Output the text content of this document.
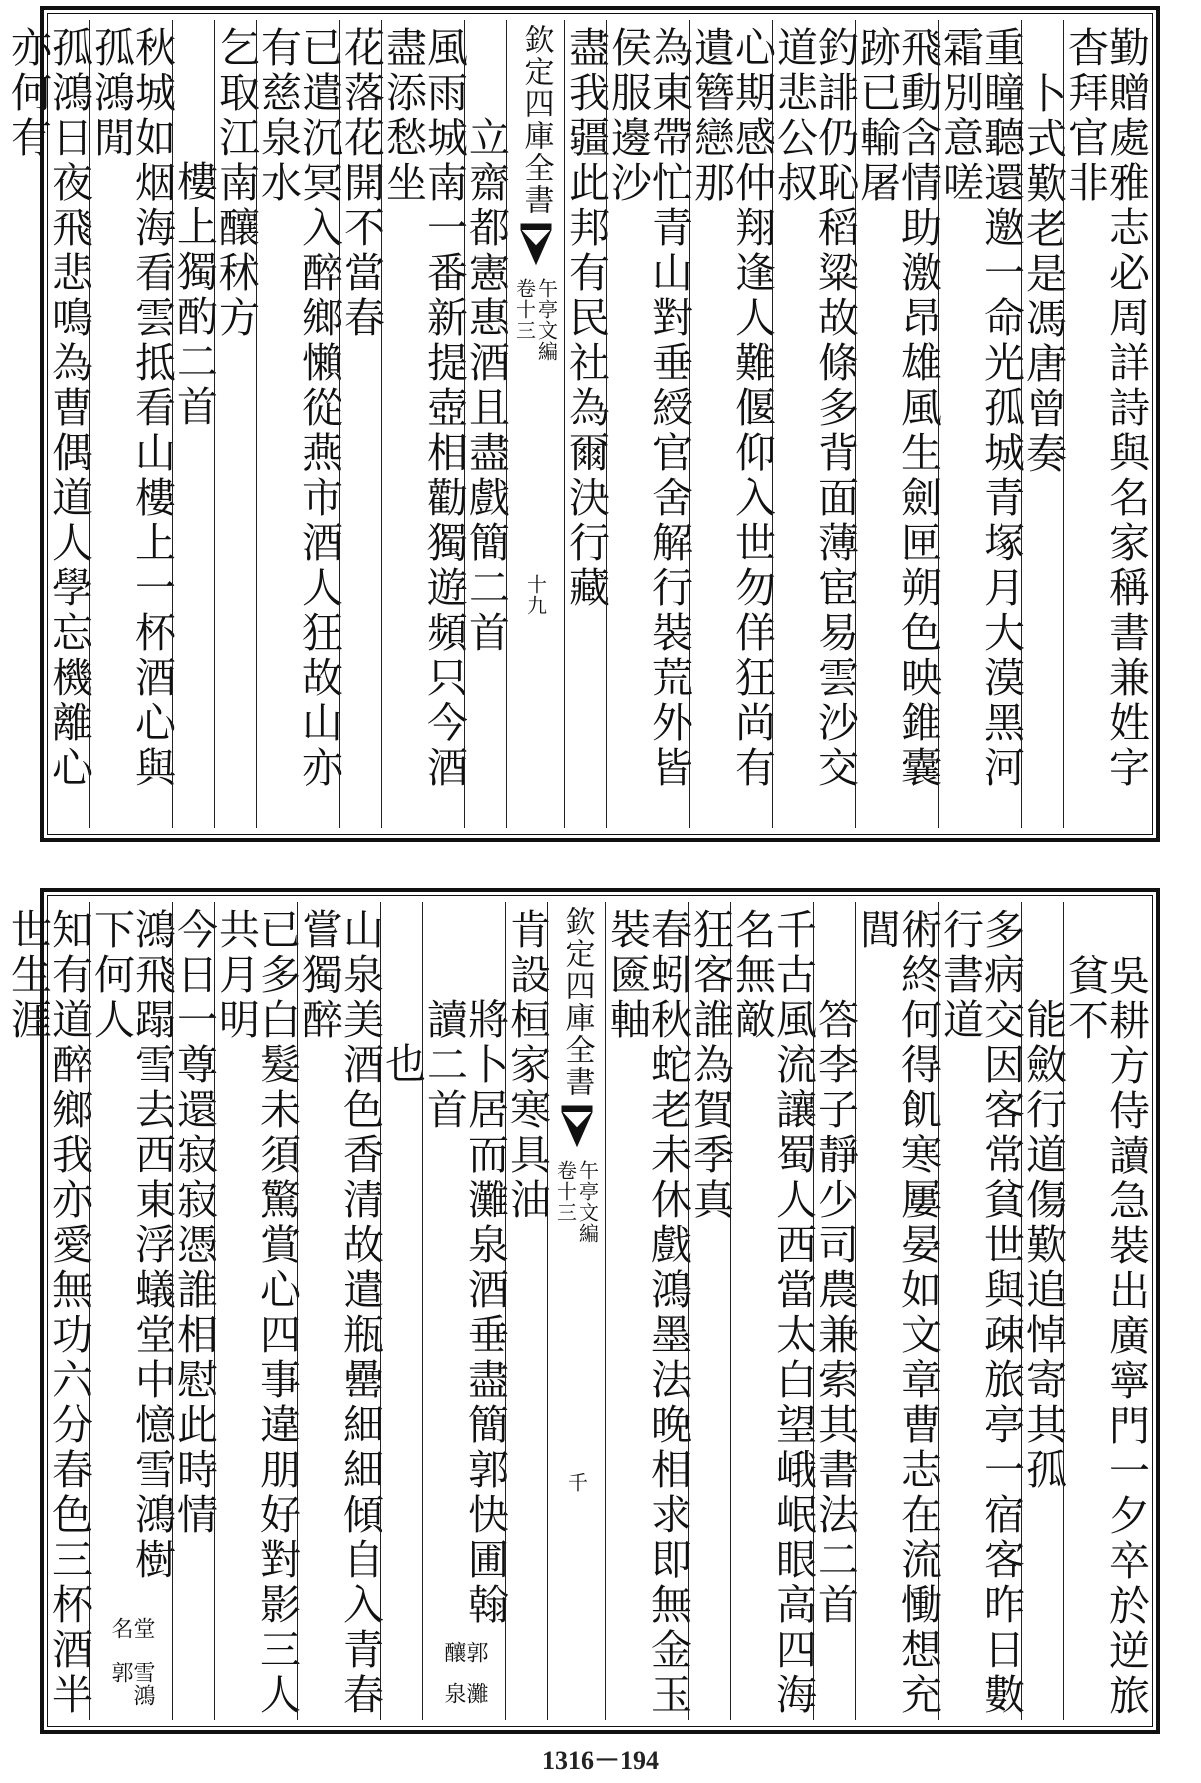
勤贈處雅志必周詳詩與名家稱書兼姓字杳拜官非
卜式歎老是馮唐曾奏
重瞳聽還邀一命光孤城青塚月大漠黑河霜別意嗟
飛動含情助激昂雄風生劍匣朔色映錐囊跡已輸屠
釣誹仍恥稻粱故條多背面薄宦易雲沙交道悲公叔
心期感仲翔逢人難偃仰入世勿佯狂尚有遺簪戀那
為東帶忙青山對垂綬官舍解行裝荒外皆侯服邊沙
盡我疆此邦有民社為爾決行藏
欽定四庫全書
午亭文編
卷十三
十九
立齋都憲惠酒且盡戲簡二首
風雨城南一番新提壺相勸獨遊頻只今酒盡添愁坐
花落花開不當春
已遣沉冥入醉鄉懶從燕市酒人狂故山亦有慈泉水
乞取江南釀秫方
樓上獨酌二首
秋城如烟海看雲抵看山樓上一杯酒心與孤鴻閒
孤鴻日夜飛悲鳴為曹偶道人學忘機離心亦何有
吳耕方侍讀急裝出廣寧門一夕卒於逆旅貧不
能斂行道傷歎追悼寄其孤
多病交因客常貧世與疎旅亭一宿客昨日數行書道
術終何得飢寒屢晏如文章曹志在流慟想充閭
答李子靜少司農兼索其書法二首
千古風流讓蜀人西當太白望峨岷眼高四海名無敵
狂客誰為賀季真
春蚓秋蛇老未休戲鴻墨法晚相求即無金玉裝匳軸
欽定四庫全書
午亭文編
卷十三
千
肯設桓家寒具油
將卜居而灘泉酒垂盡簡郭快圃翰讀二首
灘泉
郭釀
也
山泉美酒色香清故遣瓶罍細細傾自入青春嘗獨醉
已多白髮未須驚賞心四事違朋好對影三人共月明
今日一尊還寂寂憑誰相慰此時情
鴻飛蹋雪去西東浮蟻堂中憶雪鴻樹下何人
雪鴻郭
堂名
知有道醉鄉我亦愛無功六分春色三杯酒半世生涯
1316－194
